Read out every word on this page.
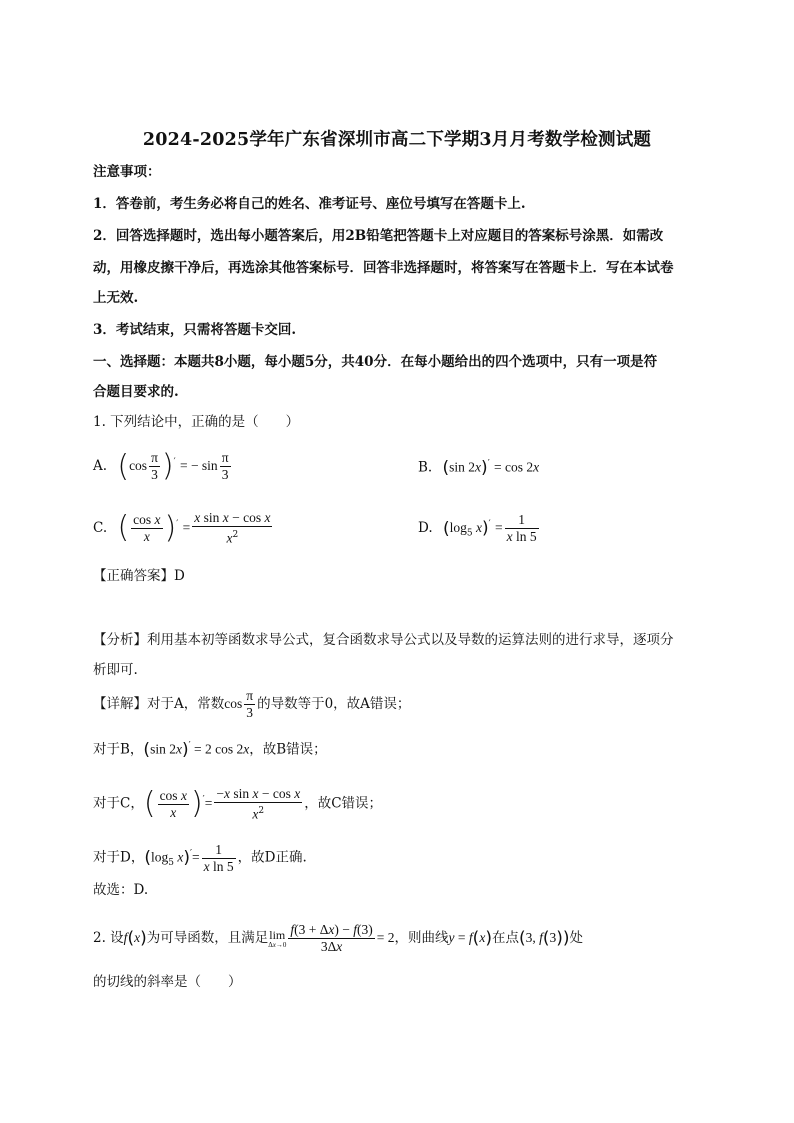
2024-2025学年广东省深圳市高二下学期3月月考数学检测试题
注意事项：
1．答卷前，考生务必将自己的姓名、准考证号、座位号填写在答题卡上.
2．回答选择题时，选出每小题答案后，用2B铅笔把答题卡上对应题目的答案标号涂黑．如需改
动，用橡皮擦干净后，再选涂其他答案标号．回答非选择题时，将答案写在答题卡上．写在本试卷
上无效.
3．考试结束，只需将答题卡交回.
一、选择题：本题共8小题，每小题5分，共40分．在每小题给出的四个选项中，只有一项是符
合题目要求的.
1. 下列结论中，正确的是（　　）
A. $(\cos \frac{\pi}{3} )'$ = − $\sin \frac{\pi}{3}$	B. (sin 2x)′ = cos 2x
C. ( $\frac{\text{cos x}}{x} )' = \frac{\text{x sin x − cos x}}{x^2}$	D. ($\log_5$ $x)' = \frac{1}{\text{x ln 5}}$
【正确答案】D
【分析】利用基本初等函数求导公式，复合函数求导公式以及导数的运算法则的进行求导，逐项分
析即可.
【详解】对于A，常数$\cos \frac{\pi}{3}$ 的导数等于0，故A错误；
对于B，(sin 2x)′ = 2 cos 2x，故B错误；
对于C，( $\frac{\text{cos x}}{x} )'= \frac{\text{−x sin x − cos x}}{x^2}$ ，故C错误；
对于D，($\log_5$ $x)'= \frac{1}{\text{x ln 5}}$ ，故D正确.
故选：D.
2. 设f(x)为可导函数，且满足lim
$\Delta x\to 0 \frac{f(3 + \Delta x) - f(3)}{3\Delta x} = 2$，则曲线y = f(x)在点(3, f(3))处
的切线的斜率是（　　）
